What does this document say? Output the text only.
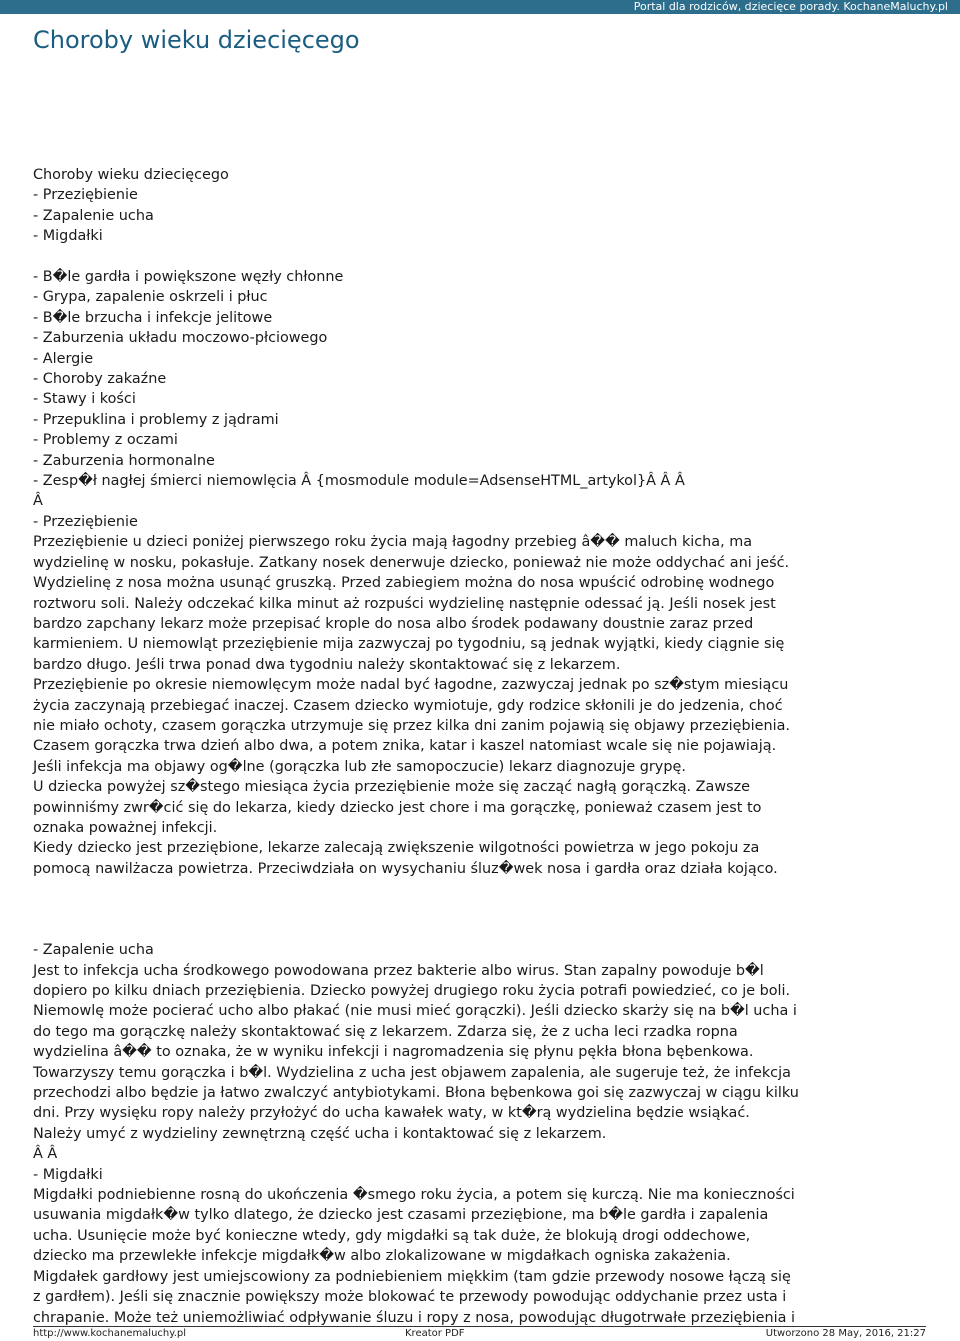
Portal dla rodziców, dziecięce porady. KochaneMaluchy.pl
Choroby wieku dziecięcego
Choroby wieku dziecięcego
- Przeziębienie
- Zapalenie ucha
- Migdałki
- B�le gardła i powiększone węzły chłonne
- Grypa, zapalenie oskrzeli i płuc
- B�le brzucha i infekcje jelitowe
- Zaburzenia układu moczowo-płciowego
- Alergie
- Choroby zakaźne
- Stawy i kości
- Przepuklina i problemy z jądrami
- Problemy z oczami
- Zaburzenia hormonalne
- Zesp�ł nagłej śmierci niemowlęcia Â {mosmodule module=AdsenseHTML_artykol}Â Â Â
Â
- Przeziębienie
Przeziębienie u dzieci poniżej pierwszego roku życia mają łagodny przebieg â�� maluch kicha, ma
wydzielinę w nosku, pokasłuje. Zatkany nosek denerwuje dziecko, ponieważ nie może oddychać ani jeść.
Wydzielinę z nosa można usunąć gruszką. Przed zabiegiem można do nosa wpuścić odrobinę wodnego
roztworu soli. Należy odczekać kilka minut aż rozpuści wydzielinę następnie odessać ją. Jeśli nosek jest
bardzo zapchany lekarz może przepisać krople do nosa albo środek podawany doustnie zaraz przed
karmieniem. U niemowląt przeziębienie mija zazwyczaj po tygodniu, są jednak wyjątki, kiedy ciągnie się
bardzo długo. Jeśli trwa ponad dwa tygodniu należy skontaktować się z lekarzem.
Przeziębienie po okresie niemowlęcym może nadal być łagodne, zazwyczaj jednak po sz�stym miesiącu
życia zaczynają przebiegać inaczej. Czasem dziecko wymiotuje, gdy rodzice skłonili je do jedzenia, choć
nie miało ochoty, czasem gorączka utrzymuje się przez kilka dni zanim pojawią się objawy przeziębienia.
Czasem gorączka trwa dzień albo dwa, a potem znika, katar i kaszel natomiast wcale się nie pojawiają.
Jeśli infekcja ma objawy og�lne (gorączka lub złe samopoczucie) lekarz diagnozuje grypę.
U dziecka powyżej sz�stego miesiąca życia przeziębienie może się zacząć nagłą gorączką. Zawsze
powinniśmy zwr�cić się do lekarza, kiedy dziecko jest chore i ma gorączkę, ponieważ czasem jest to
oznaka poważnej infekcji.
Kiedy dziecko jest przeziębione, lekarze zalecają zwiększenie wilgotności powietrza w jego pokoju za
pomocą nawilżacza powietrza. Przeciwdziała on wysychaniu śluz�wek nosa i gardła oraz działa kojąco.
- Zapalenie ucha
Jest to infekcja ucha środkowego powodowana przez bakterie albo wirus. Stan zapalny powoduje b�l
dopiero po kilku dniach przeziębienia. Dziecko powyżej drugiego roku życia potrafi powiedzieć, co je boli.
Niemowlę może pocierać ucho albo płakać (nie musi mieć gorączki). Jeśli dziecko skarży się na b�l ucha i
do tego ma gorączkę należy skontaktować się z lekarzem. Zdarza się, że z ucha leci rzadka ropna
wydzielina â�� to oznaka, że w wyniku infekcji i nagromadzenia się płynu pękła błona bębenkowa.
Towarzyszy temu gorączka i b�l. Wydzielina z ucha jest objawem zapalenia, ale sugeruje też, że infekcja
przechodzi albo będzie ja łatwo zwalczyć antybiotykami. Błona bębenkowa goi się zazwyczaj w ciągu kilku
dni. Przy wysięku ropy należy przyłożyć do ucha kawałek waty, w kt�rą wydzielina będzie wsiąkać.
Należy umyć z wydzieliny zewnętrzną część ucha i kontaktować się z lekarzem.
Â Â
- Migdałki
Migdałki podniebienne rosną do ukończenia �smego roku życia, a potem się kurczą. Nie ma konieczności
usuwania migdałk�w tylko dlatego, że dziecko jest czasami przeziębione, ma b�le gardła i zapalenia
ucha. Usunięcie może być konieczne wtedy, gdy migdałki są tak duże, że blokują drogi oddechowe,
dziecko ma przewlekłe infekcje migdałk�w albo zlokalizowane w migdałkach ogniska zakażenia.
Migdałek gardłowy jest umiejscowiony za podniebieniem miękkim (tam gdzie przewody nosowe łączą się
z gardłem). Jeśli się znacznie powiększy może blokować te przewody powodując oddychanie przez usta i
chrapanie. Może też uniemożliwiać odpływanie śluzu i ropy z nosa, powodując długotrwałe przeziębienia i
http://www.kochanemaluchy.pl	Kreator PDF	Utworzono 28 May, 2016, 21:27
